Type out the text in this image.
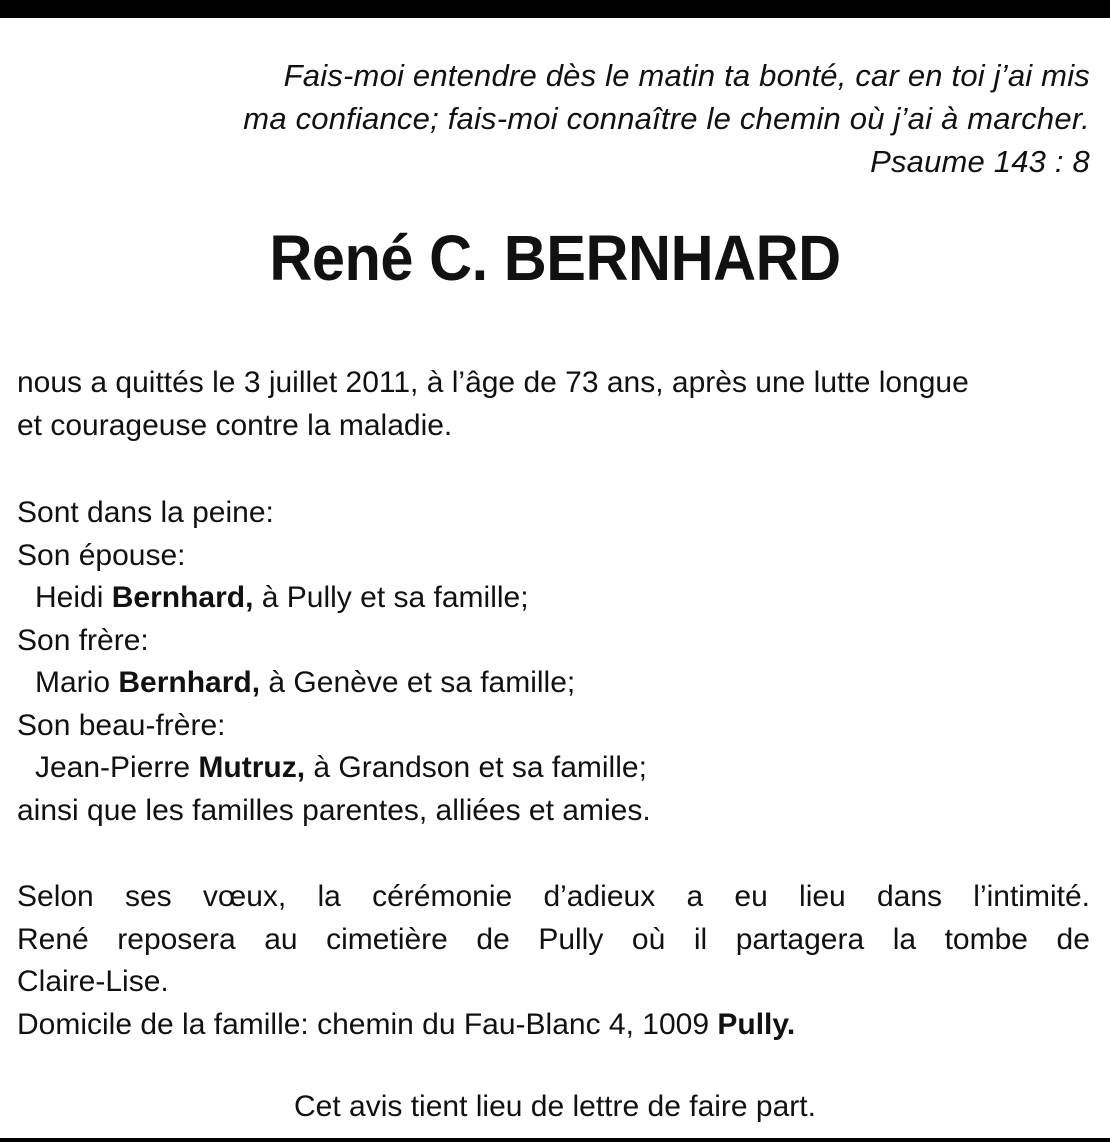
Fais-moi entendre dès le matin ta bonté, car en toi j’ai mis
ma confiance; fais-moi connaître le chemin où j’ai à marcher.
Psaume 143 : 8
René C. BERNHARD
nous a quittés le 3 juillet 2011, à l’âge de 73 ans, après une lutte longue
et courageuse contre la maladie.
Sont dans la peine:
Son épouse:
Heidi Bernhard, à Pully et sa famille;
Son frère:
Mario Bernhard, à Genève et sa famille;
Son beau-frère:
Jean-Pierre Mutruz, à Grandson et sa famille;
ainsi que les familles parentes, alliées et amies.
Selon ses vœux, la cérémonie d’adieux a eu lieu dans l’intimité.
René reposera au cimetière de Pully où il partagera la tombe de
Claire-Lise.
Domicile de la famille: chemin du Fau-Blanc 4, 1009 Pully.
Cet avis tient lieu de lettre de faire part.
